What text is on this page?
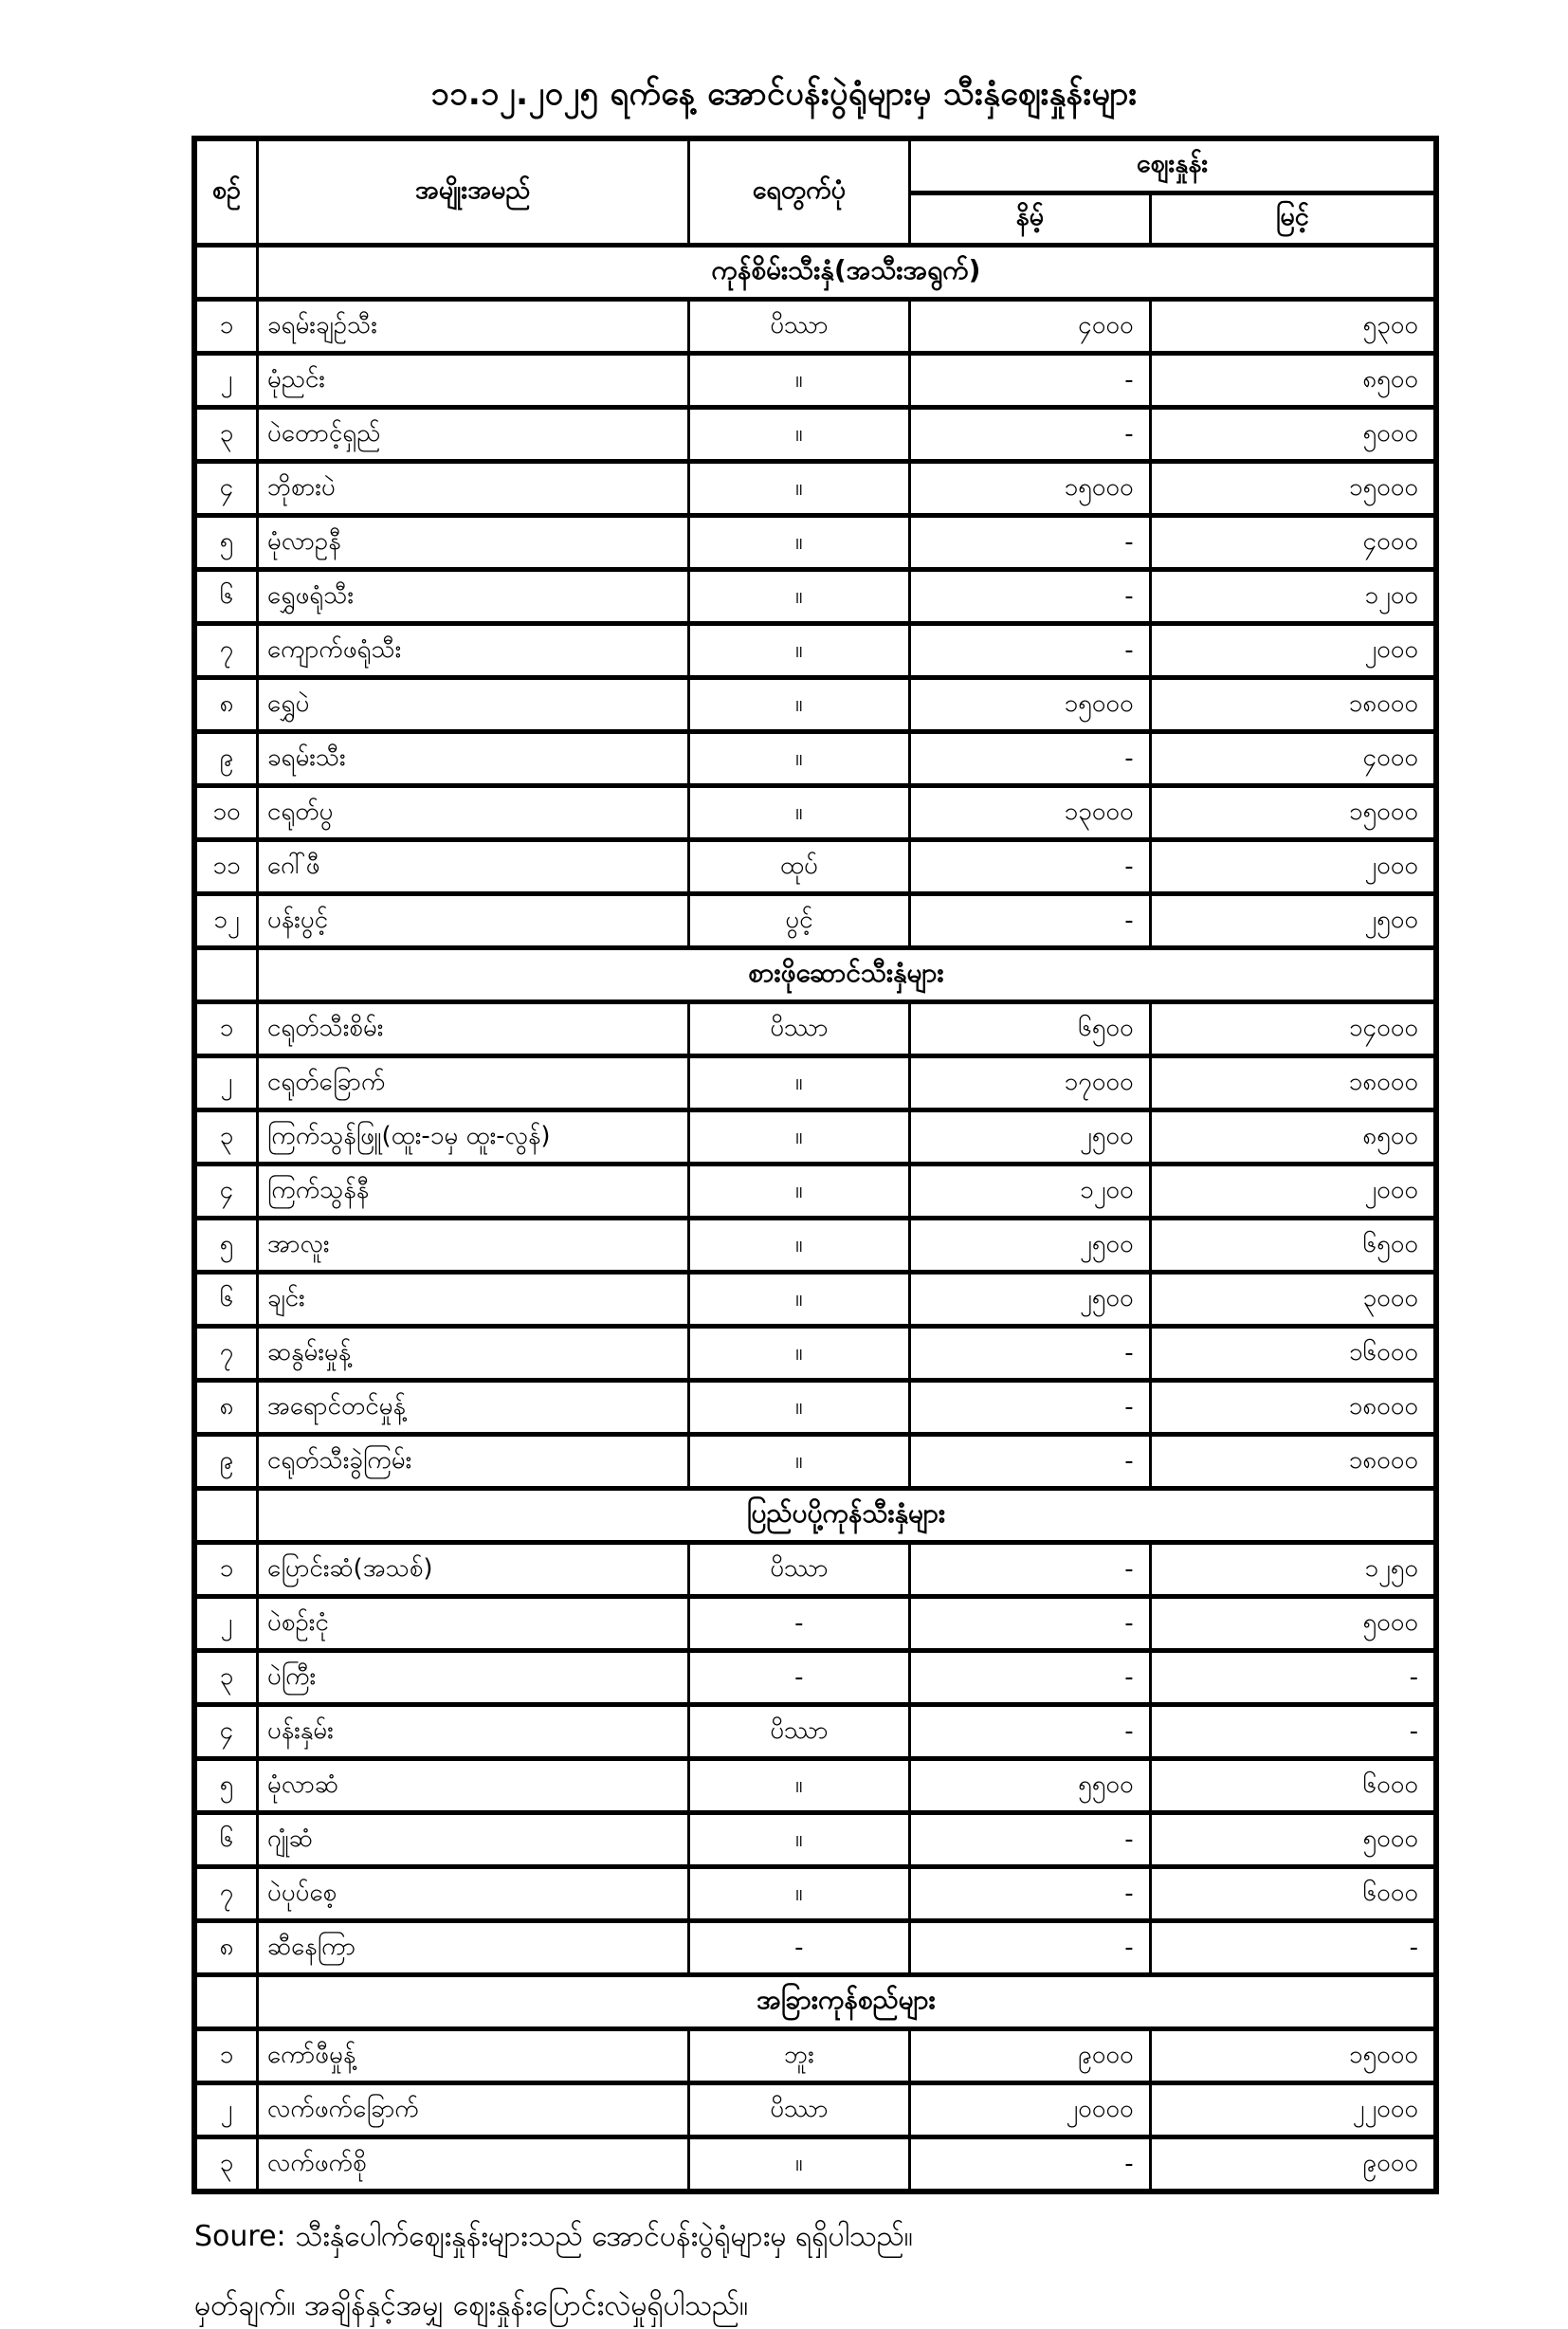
၁၁.၁၂.၂၀၂၅ ရက်နေ့ အောင်ပန်းပွဲရုံများမှ သီးနှံဈေးနှုန်းများ
စဉ်	အမျိုးအမည်	ရေတွက်ပုံ	ဈေးနှုန်း	
			နိမ့်	မြင့်
	ကုန်စိမ်းသီးနှံ(အသီးအရွက်)			
၁	ခရမ်းချဉ်သီး	ပိဿာ	၄၀၀၀	၅၃၀၀
၂	မုံညင်း	။	-	၈၅၀၀
၃	ပဲတောင့်ရှည်	။	-	၅၀၀၀
၄	ဘိုစားပဲ	။	၁၅၀၀၀	၁၅၀၀၀
၅	မုံလာဥနီ	။	-	၄၀၀၀
၆	ရွှေဖရုံသီး	။	-	၁၂၀၀
၇	ကျောက်ဖရုံသီး	။	-	၂၀၀၀
၈	ရွှေပဲ	။	၁၅၀၀၀	၁၈၀၀၀
၉	ခရမ်းသီး	။	-	၄၀၀၀
၁၀	ငရုတ်ပွ	။	၁၃၀၀၀	၁၅၀၀၀
၁၁	ဂေါ်ဖီ	ထုပ်	-	၂၀၀၀
၁၂	ပန်းပွင့်	ပွင့်	-	၂၅၀၀
	စားဖိုဆောင်သီးနှံများ			
၁	ငရုတ်သီးစိမ်း	ပိဿာ	၆၅၀၀	၁၄၀၀၀
၂	ငရုတ်ခြောက်	။	၁၇၀၀၀	၁၈၀၀၀
၃	ကြက်သွန်ဖြူ(ထူး-၁မှ ထူး-လွန်)	။	၂၅၀၀	၈၅၀၀
၄	ကြက်သွန်နီ	။	၁၂၀၀	၂၀၀၀
၅	အာလူး	။	၂၅၀၀	၆၅၀၀
၆	ချင်း	။	၂၅၀၀	၃၀၀၀
၇	ဆနွမ်းမှုန့်	။	-	၁၆၀၀၀
၈	အရောင်တင်မှုန့်	။	-	၁၈၀၀၀
၉	ငရုတ်သီးခွဲကြမ်း	။	-	၁၈၀၀၀
	ပြည်ပပို့ကုန်သီးနှံများ			
၁	ပြောင်းဆံ(အသစ်)	ပိဿာ	-	၁၂၅၀
၂	ပဲစဉ်းငုံ	-	-	၅၀၀၀
၃	ပဲကြီး	-	-	-
၄	ပန်းနှမ်း	ပိဿာ	-	-
၅	မုံလာဆံ	။	၅၅၀၀	၆၀၀၀
၆	ဂျုံဆံ	။	-	၅၀၀၀
၇	ပဲပုပ်စေ့	။	-	၆၀၀၀
၈	ဆီနေကြာ	-	-	-
	အခြားကုန်စည်များ			
၁	ကော်ဖီမှုန့်	ဘူး	၉၀၀၀	၁၅၀၀၀
၂	လက်ဖက်ခြောက်	ပိဿာ	၂၀၀၀၀	၂၂၀၀၀
၃	လက်ဖက်စို	။	-	၉၀၀၀
Soure: သီးနှံပေါက်ဈေးနှုန်းများသည် အောင်ပန်းပွဲရုံများမှ ရရှိပါသည်။
မှတ်ချက်။ အချိန်နှင့်အမျှ ဈေးနှုန်းပြောင်းလဲမှုရှိပါသည်။
